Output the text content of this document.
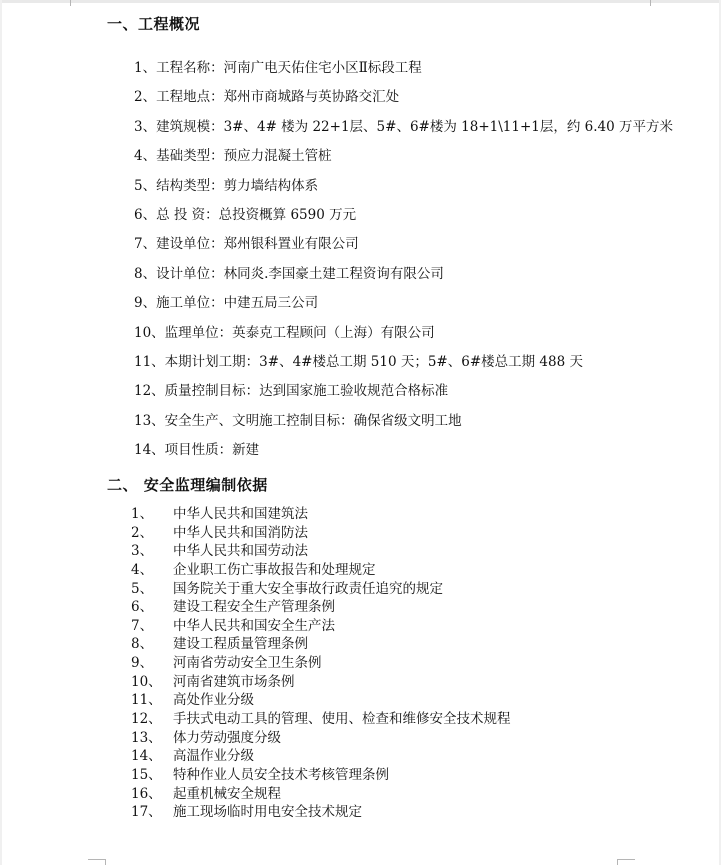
一、工程概况
1、工程名称：河南广电天佑住宅小区Ⅱ标段工程
2、工程地点：郑州市商城路与英协路交汇处
3、建筑规模：3#、4# 楼为 22+1层、5#、6#楼为 18+1\11+1层，约 6.40 万平方米
4、基础类型：预应力混凝土管桩
5、结构类型：剪力墙结构体系
6、总 投 资：总投资概算 6590 万元
7、建设单位：郑州银科置业有限公司
8、设计单位：林同炎.李国豪土建工程资询有限公司
9、施工单位：中建五局三公司
10、监理单位：英泰克工程顾问（上海）有限公司
11、本期计划工期：3#、4#楼总工期 510 天；5#、6#楼总工期 488 天
12、质量控制目标：达到国家施工验收规范合格标准
13、安全生产、文明施工控制目标：确保省级文明工地
14、项目性质：新建
二、 安全监理编制依据
1、	中华人民共和国建筑法
2、	中华人民共和国消防法
3、	中华人民共和国劳动法
4、	企业职工伤亡事故报告和处理规定
5、	国务院关于重大安全事故行政责任追究的规定
6、	建设工程安全生产管理条例
7、	中华人民共和国安全生产法
8、	建设工程质量管理条例
9、	河南省劳动安全卫生条例
10、 河南省建筑市场条例
11、 高处作业分级
12、 手扶式电动工具的管理、使用、检查和维修安全技术规程
13、 体力劳动强度分级
14、 高温作业分级
15、 特种作业人员安全技术考核管理条例
16、 起重机械安全规程
17、 施工现场临时用电安全技术规定
